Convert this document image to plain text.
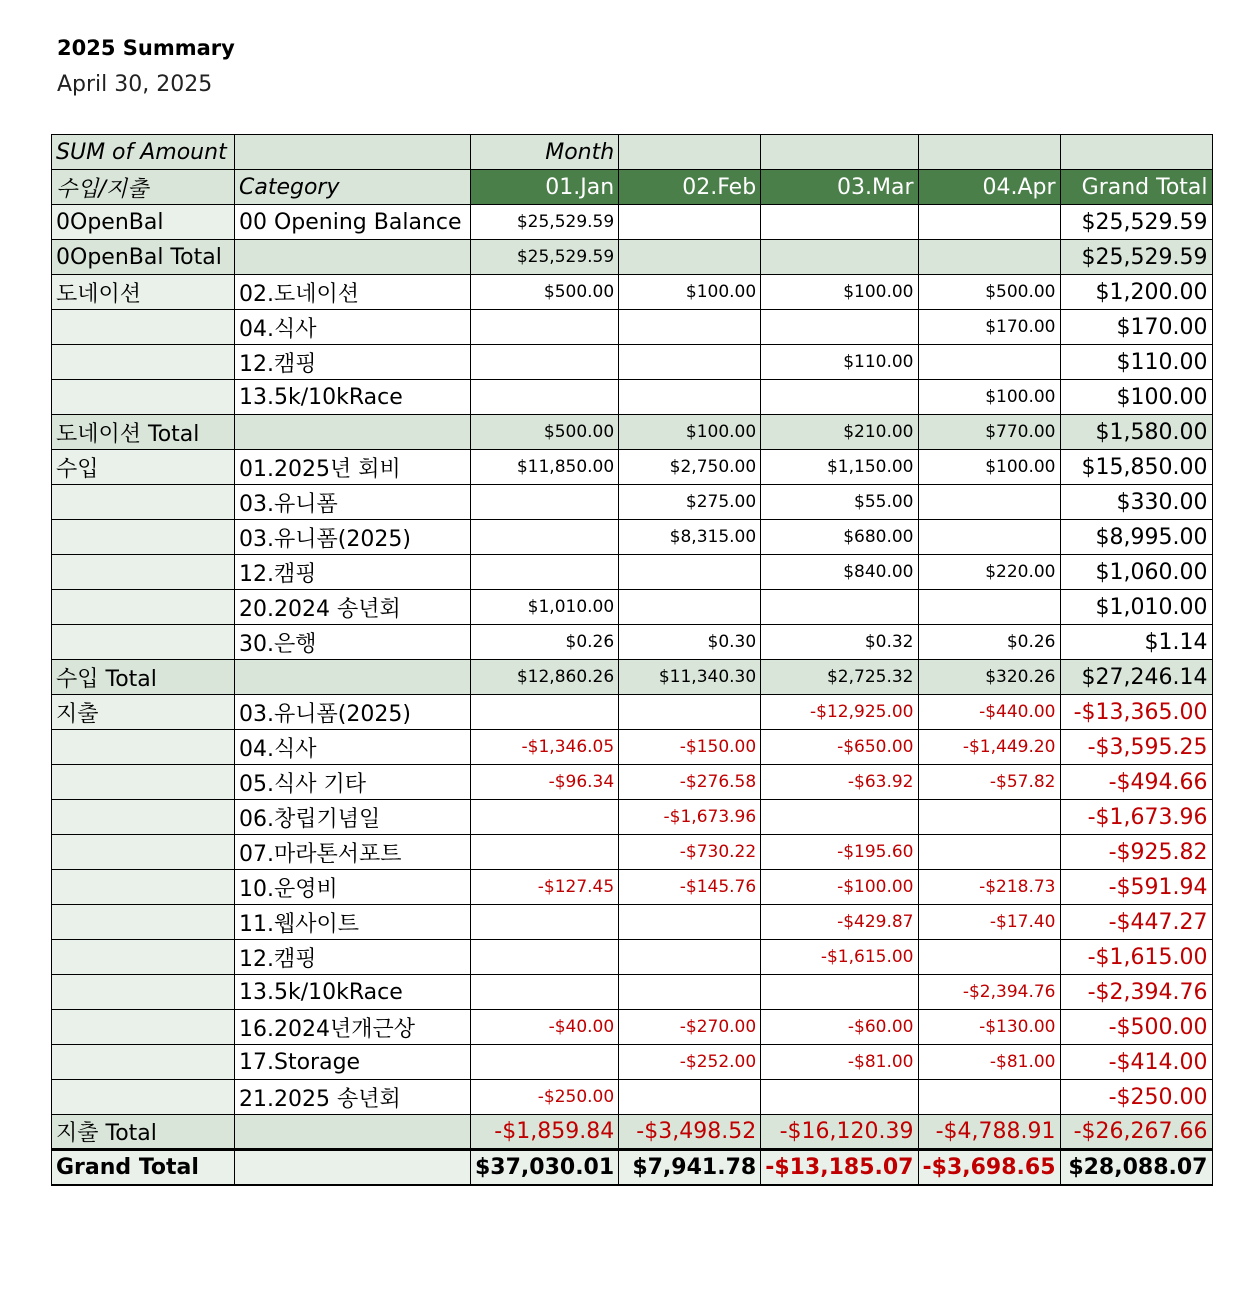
2025 Summary
April 30, 2025
SUM of Amount		Month				
수입/지출	Category	01.Jan	02.Feb	03.Mar	04.Apr	Grand Total
0OpenBal	00 Opening Balance	$25,529.59				$25,529.59
0OpenBal Total		$25,529.59				$25,529.59
도네이션	02.도네이션	$500.00	$100.00	$100.00	$500.00	$1,200.00
	04.식사				$170.00	$170.00
	12.캠핑			$110.00		$110.00
	13.5k/10kRace				$100.00	$100.00
도네이션 Total		$500.00	$100.00	$210.00	$770.00	$1,580.00
수입	01.2025년 회비	$11,850.00	$2,750.00	$1,150.00	$100.00	$15,850.00
	03.유니폼		$275.00	$55.00		$330.00
	03.유니폼(2025)		$8,315.00	$680.00		$8,995.00
	12.캠핑			$840.00	$220.00	$1,060.00
	20.2024 송년회	$1,010.00				$1,010.00
	30.은행	$0.26	$0.30	$0.32	$0.26	$1.14
수입 Total		$12,860.26	$11,340.30	$2,725.32	$320.26	$27,246.14
지출	03.유니폼(2025)			-$12,925.00	-$440.00	-$13,365.00
	04.식사	-$1,346.05	-$150.00	-$650.00	-$1,449.20	-$3,595.25
	05.식사 기타	-$96.34	-$276.58	-$63.92	-$57.82	-$494.66
	06.창립기념일		-$1,673.96			-$1,673.96
	07.마라톤서포트		-$730.22	-$195.60		-$925.82
	10.운영비	-$127.45	-$145.76	-$100.00	-$218.73	-$591.94
	11.웹사이트			-$429.87	-$17.40	-$447.27
	12.캠핑			-$1,615.00		-$1,615.00
	13.5k/10kRace				-$2,394.76	-$2,394.76
	16.2024년개근상	-$40.00	-$270.00	-$60.00	-$130.00	-$500.00
	17.Storage		-$252.00	-$81.00	-$81.00	-$414.00
	21.2025 송년회	-$250.00				-$250.00
지출 Total		-$1,859.84	-$3,498.52	-$16,120.39	-$4,788.91	-$26,267.66
Grand Total		$37,030.01	$7,941.78	-$13,185.07	-$3,698.65	$28,088.07
